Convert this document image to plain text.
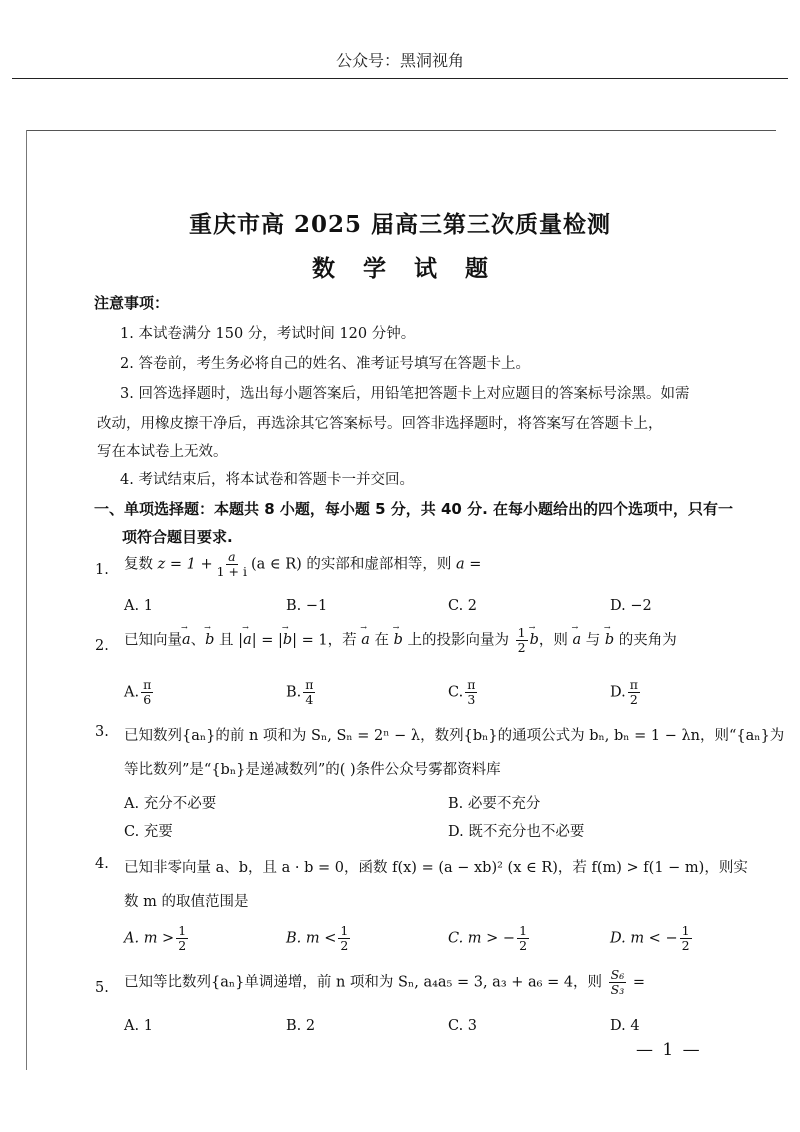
公众号：黑洞视角
重庆市高 2025 届高三第三次质量检测
数 学 试 题
注意事项：
1. 本试卷满分 150 分，考试时间 120 分钟。
2. 答卷前，考生务必将自己的姓名、准考证号填写在答题卡上。
3. 回答选择题时，选出每小题答案后，用铅笔把答题卡上对应题目的答案标号涂黑。如需
改动，用橡皮擦干净后，再选涂其它答案标号。回答非选择题时，将答案写在答题卡上，
写在本试卷上无效。
4. 考试结束后，将本试卷和答题卡一并交回。
一、单项选择题：本题共 8 小题，每小题 5 分，共 40 分. 在每小题给出的四个选项中，只有一
项符合题目要求.
1. 复数 $z = 1 + \frac{a}{1 + i} (a$ ∈ R) 的实部和虚部相等，则 a =
A. 1	B. −1	C. 2	D. −2
2. 已知向量→ a、→ b 且 |→ a| = |→ b| = 1，若 → a 在 → b 上的投影向量为 $\frac{1}{2}$
→ b，则 → a 与 → b 的夹角为
A. $\frac{\pi}{6}$	B. $\frac{\pi}{4}$	C. $\frac{\pi}{3}$	D. $\frac{\pi}{2}$
3. 已知数列{aₙ}的前 n 项和为 Sₙ, Sₙ = 2ⁿ − λ，数列{bₙ}的通项公式为 bₙ, bₙ = 1 − λn，则“{aₙ}为
等比数列”是“{bₙ}是递减数列”的( )条件公众号雾都资料库
A. 充分不必要	B. 必要不充分
C. 充要	D. 既不充分也不必要
4. 已知非零向量 a、b，且 a · b = 0，函数 f(x) = (a − xb)² (x ∈ R)，若 f(m) > f(1 − m)，则实
数 m 的取值范围是
A. $m > \frac{1}{2}$	B. $m < \frac{1}{2}$	C. m > − $\frac{1}{2}$	D. m < − $\frac{1}{2}$
5. 已知等比数列{aₙ}单调递增，前 n 项和为 Sₙ, a₄a₅ = 3, a₃ + a₆ = 4，则 $\frac{\text{S₆}}{\text{S₃}}$ =
A. 1	B. 2	C. 3	D. 4
— 1 —
